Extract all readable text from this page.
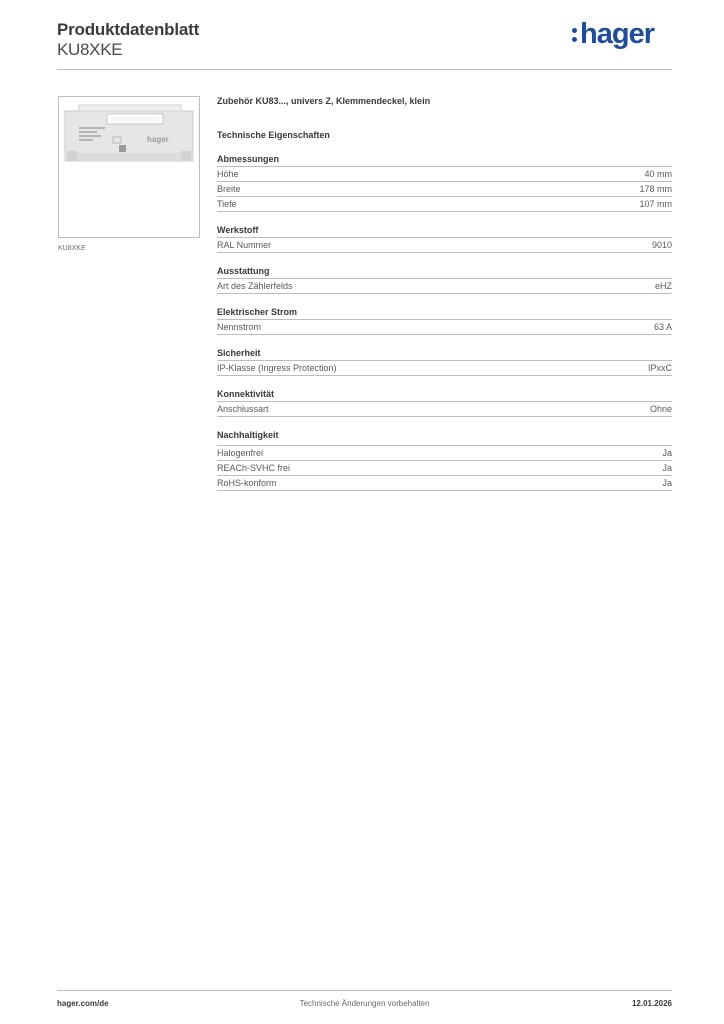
Produktdatenblatt
KU8XKE	hager
hager
KU8XKE
Zubehör KU83..., univers Z, Klemmendeckel, klein
Technische Eigenschaften
Abmessungen
Höhe	40 mm
Breite	178 mm
Tiefe	107 mm
Werkstoff
RAL Nummer	9010
Ausstattung
Art des Zählerfelds	eHZ
Elektrischer Strom
Nennstrom	63 A
Sicherheit
IP-Klasse (Ingress Protection)	IPxxC
Konnektivität
Anschlussart	Ohne
Nachhaltigkeit
Halogenfrei	Ja
REACh-SVHC frei	Ja
RoHS-konform	Ja
hager.com/de	Technische Änderungen vorbehalten	12.01.2026
